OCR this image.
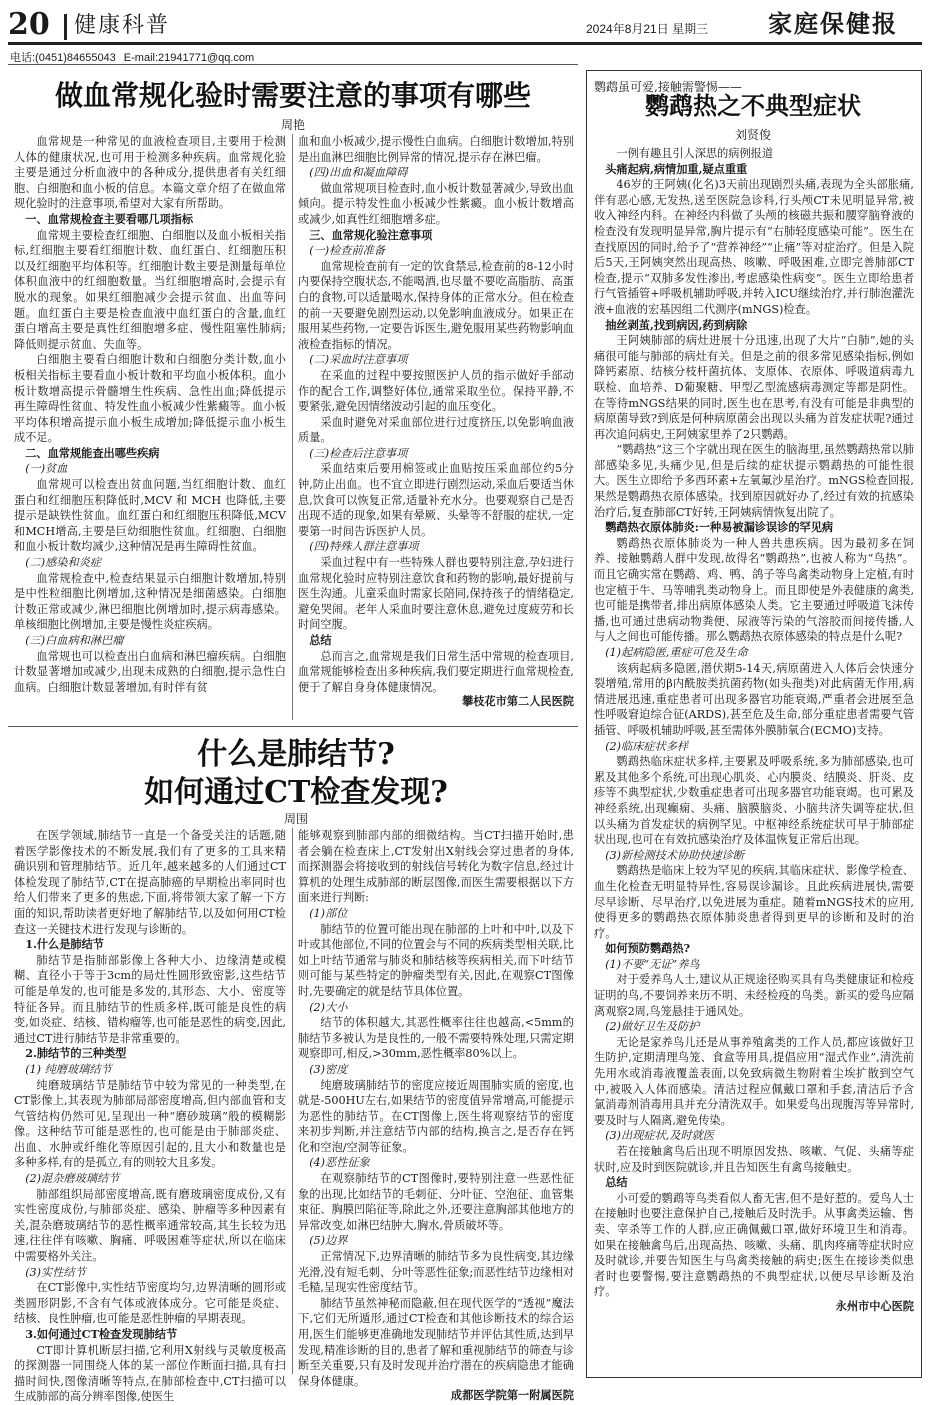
20 健康科普	2024年8月21日 星期三 家庭保健报
电话:(0451)84655043 E-mail:21941771@qq.com
做血常规化验时需要注意的事项有哪些
周艳

血常规是一种常见的血液检查项目,主要用于检测人体的健康状况,也可用于检测多种疾病。血常规化验主要是通过分析血液中的各种成分,提供患者有关红细胞、白细胞和血小板的信息。本篇文章介绍了在做血常规化验时的注意事项,希望对大家有所帮助。

一、血常规检查主要看哪几项指标

血常规主要检查红细胞、白细胞以及血小板相关指标,红细胞主要看红细胞计数、血红蛋白、红细胞压积以及红细胞平均体积等。红细胞计数主要是测量每单位体积血液中的红细胞数量。当红细胞增高时,会提示有脱水的现象。如果红细胞减少会提示贫血、出血等问题。血红蛋白主要是检查血液中血红蛋白的含量,血红蛋白增高主要是真性红细胞增多症、慢性阻塞性肺病;降低则提示贫血、失血等。

白细胞主要看白细胞计数和白细胞分类计数,血小板相关指标主要看血小板计数和平均血小板体积。血小板计数增高提示骨髓增生性疾病、急性出血;降低提示再生障碍性贫血、特发性血小板减少性紫癜等。血小板平均体积增高提示血小板生成增加;降低提示血小板生成不足。

二、血常规能查出哪些疾病

(一)贫血

血常规可以检查出贫血问题,当红细胞计数、血红蛋白和红细胞压积降低时,MCV 和 MCH 也降低,主要提示是缺铁性贫血。血红蛋白和红细胞压积降低,MCV和MCH增高,主要是巨幼细胞性贫血。红细胞、白细胞和血小板计数均减少,这种情况是再生障碍性贫血。

(二)感染和炎症

血常规检查中,检查结果显示白细胞计数增加,特别是中性粒细胞比例增加,这种情况是细菌感染。白细胞计数正常或减少,淋巴细胞比例增加时,提示病毒感染。单核细胞比例增加,主要是慢性炎症疾病。

(三)白血病和淋巴瘤

血常规也可以检查出白血病和淋巴瘤疾病。白细胞计数显著增加或减少,出现未成熟的白细胞,提示急性白血病。白细胞计数显著增加,有时伴有贫

血和血小板减少,提示慢性白血病。白细胞计数增加,特别是出血淋巴细胞比例异常的情况,提示存在淋巴瘤。

(四)出血和凝血障碍

做血常规项目检查时,血小板计数显著减少,导致出血倾向。提示特发性血小板减少性紫癜。血小板计数增高或减少,如真性红细胞增多症。

三、血常规化验注意事项

(一)检查前准备

血常规检查前有一定的饮食禁忌,检查前的8-12小时内要保持空腹状态,不能喝酒,也尽量不要吃高脂肪、高蛋白的食物,可以适量喝水,保持身体的正常水分。但在检查的前一天要避免剧烈运动,以免影响血液成分。如果正在服用某些药物,一定要告诉医生,避免服用某些药物影响血液检查指标的情况。

(二)采血时注意事项

在采血的过程中要按照医护人员的指示做好手部动作的配合工作,调整好体位,通常采取坐位。保持平静,不要紧张,避免因情绪波动引起的血压变化。

采血时避免对采血部位进行过度挤压,以免影响血液质量。

(三)检查后注意事项

采血结束后要用棉签或止血贴按压采血部位约5分钟,防止出血。也不宜立即进行剧烈运动,采血后要适当休息,饮食可以恢复正常,适量补充水分。也要观察自己是否出现不适的现象,如果有晕厥、头晕等不舒服的症状,一定要第一时间告诉医护人员。

(四)特殊人群注意事项

采血过程中有一些特殊人群也要特别注意,孕妇进行血常规化验时应特别注意饮食和药物的影响,最好提前与医生沟通。儿童采血时需家长陪同,保持孩子的情绪稳定,避免哭闹。老年人采血时要注意休息,避免过度疲劳和长时间空腹。

总结

总而言之,血常规是我们日常生活中常规的检查项目,血常规能够检查出多种疾病,我们要定期进行血常规检查,便于了解自身身体健康情况。

攀枝花市第二人民医院

什么是肺结节?
如何通过CT检查发现?
周围

在医学领域,肺结节一直是一个备受关注的话题,随着医学影像技术的不断发展,我们有了更多的工具来精确识别和管理肺结节。近几年,越来越多的人们通过CT体检发现了肺结节,CT在提高肺癌的早期检出率同时也给人们带来了更多的焦虑,下面,将带领大家了解一下方面的知识,帮助读者更好地了解肺结节,以及如何用CT检查这一关键技术进行发现与诊断的。

1.什么是肺结节

肺结节是指肺部影像上各种大小、边缘清楚或模糊、直径小于等于3cm的局灶性圆形致密影,这些结节可能是单发的,也可能是多发的,其形态、大小、密度等特征各异。而且肺结节的性质多样,既可能是良性的病变,如炎症、结核、错构瘤等,也可能是恶性的病变,因此,通过CT进行肺结节是非常重要的。

2.肺结节的三种类型

(1) 纯磨玻璃结节

纯磨玻璃结节是肺结节中较为常见的一种类型,在CT影像上,其表现为肺部局部密度增高,但内部血管和支气管结构仍然可见,呈现出一种“磨砂玻璃”般的模糊影像。这种结节可能是恶性的,也可能是由于肺部炎症、出血、水肿或纤维化等原因引起的,且大小和数量也是多种多样,有的是孤立,有的则较大且多发。

(2)混杂磨玻璃结节

肺部组织局部密度增高,既有磨玻璃密度成份,又有实性密度成份,与肺部炎症、感染、肿瘤等多种因素有关,混杂磨玻璃结节的恶性概率通常较高,其生长较为迅速,往往伴有咳嗽、胸痛、呼吸困难等症状,所以在临床中需要格外关注。

(3)实性结节

在CT影像中,实性结节密度均匀,边界清晰的圆形或类圆形阴影,不含有气体或液体成分。它可能是炎症、结核、良性肿瘤,也可能是恶性肿瘤的早期表现。

3.如何通过CT检查发现肺结节

CT即计算机断层扫描,它利用X射线与灵敏度极高的探测器一同围绕人体的某一部位作断面扫描,具有扫描时间快,图像清晰等特点,在肺部检查中,CT扫描可以生成肺部的高分辨率图像,使医生

能够观察到肺部内部的细微结构。当CT扫描开始时,患者会躺在检查床上,CT发射出X射线会穿过患者的身体,而探测器会将接收到的射线信号转化为数字信息,经过计算机的处理生成肺部的断层图像,而医生需要根据以下方面来进行判断:

(1)部位

肺结节的位置可能出现在肺部的上叶和中叶,以及下叶或其他部位,不同的位置会与不同的疾病类型相关联,比如上叶结节通常与肺炎和肺结核等疾病相关,而下叶结节则可能与某些特定的肿瘤类型有关,因此,在观察CT图像时,先要确定的就是结节具体位置。

(2)大小

结节的体积越大,其恶性概率往往也越高,<5mm的肺结节多被认为是良性的,一般不需要特殊处理,只需定期观察即可,相反,>30mm,恶性概率80%以上。

(3)密度

纯磨玻璃肺结节的密度应接近周围肺实质的密度,也就是-500HU左右,如果结节的密度值异常增高,可能提示为恶性的肺结节。在CT图像上,医生将观察结节的密度来初步判断,并注意结节内部的结构,换言之,是否存在钙化和空泡/空洞等征象。

(4)恶性征象

在观察肺结节的CT图像时,要特别注意一些恶性征象的出现,比如结节的毛刺征、分叶征、空泡征、血管集束征、胸膜凹陷征等,除此之外,还要注意胸部其他地方的异常改变,如淋巴结肿大,胸水,骨质破坏等。

(5)边界

正常情况下,边界清晰的肺结节多为良性病变,其边缘光滑,没有短毛刺、分叶等恶性征象;而恶性结节边缘相对毛糙,呈现实性密度结节。

肺结节虽然神秘而隐蔽,但在现代医学的“透视”魔法下,它们无所遁形,通过CT检查和其他诊断技术的综合运用,医生们能够更准确地发现肺结节并评估其性质,达到早发现,精准诊断的目的,患者了解和重视肺结节的筛查与诊断至关重要,只有及时发现并治疗潜在的疾病隐患才能确保身体健康。

成都医学院第一附属医院

鹦鹉虽可爱,接触需警惕——
鹦鹉热之不典型症状
刘贤俊

一例有趣且引人深思的病例报道

头痛起病,病情加重,疑点重重

46岁的王阿姨(化名)3天前出现剧烈头痛,表现为全头部胀痛,伴有恶心感,无发热,送至医院急诊科,行头颅CT未见明显异常,被收入神经内科。在神经内科做了头颅的核磁共振和腰穿脑脊液的检查没有发现明显异常,胸片提示有“右肺轻度感染可能”。医生在查找原因的同时,给予了“营养神经”“止痛”等对症治疗。但是入院后5天,王阿姨突然出现高热、咳嗽、呼吸困难,立即完善肺部CT检查,提示“双肺多发性渗出,考虑感染性病变”。医生立即给患者行气管插管+呼吸机辅助呼吸,并转入ICU继续治疗,并行肺泡灌洗液+血液的宏基因组二代测序(mNGS)检查。

抽丝剥茧,找到病因,药到病除

王阿姨肺部的病灶进展十分迅速,出现了大片“白肺”,她的头痛很可能与肺部的病灶有关。但是之前的很多常见感染指标,例如降钙素原、结核分枝杆菌抗体、支原体、衣原体、呼吸道病毒九联检、血培养、D葡聚糖、甲型乙型流感病毒测定等都是阴性。在等待mNGS结果的同时,医生也在思考,有没有可能是非典型的病原菌导致?到底是何种病原菌会出现以头痛为首发症状呢?通过再次追问病史,王阿姨家里养了2只鹦鹉。

“鹦鹉热”这三个字就出现在医生的脑海里,虽然鹦鹉热常以肺部感染多见,头痛少见,但是后续的症状提示鹦鹉热的可能性很大。医生立即给予多西环素+左氧氟沙星治疗。mNGS检查回报,果然是鹦鹉热衣原体感染。找到原因就好办了,经过有效的抗感染治疗后,复查肺部CT好转,王阿姨病情恢复出院了。

鹦鹉热衣原体肺炎:一种易被漏诊误诊的罕见病

鹦鹉热衣原体肺炎为一种人兽共患疾病。因为最初多在饲养、接触鹦鹉人群中发现,故得名“鹦鹉热”,也被人称为“鸟热”。而且它确实常在鹦鹉、鸡、鸭、鸽子等鸟禽类动物身上定植,有时也定植于牛、马等哺乳类动物身上。而且即使是外表健康的禽类,也可能是携带者,排出病原体感染人类。它主要通过呼吸道飞沫传播,也可通过患病动物粪便、尿液等污染的气溶胶而间接传播,人与人之间也可能传播。那么鹦鹉热衣原体感染的特点是什么呢?

(1)起病隐匿,重症可危及生命

该病起病多隐匿,潜伏期5-14天,病原菌进入人体后会快速分裂增殖,常用的β内酰胺类抗菌药物(如头孢类)对此病菌无作用,病情进展迅速,重症患者可出现多器官功能衰竭,严重者会进展至急性呼吸窘迫综合征(ARDS),甚至危及生命,部分重症患者需要气管插管、呼吸机辅助呼吸,甚至需体外膜肺氧合(ECMO)支持。

(2)临床症状多样

鹦鹉热临床症状多样,主要累及呼吸系统,多为肺部感染,也可累及其他多个系统,可出现心肌炎、心内膜炎、结膜炎、肝炎、皮疹等不典型症状,少数重症患者可出现多器官功能衰竭。也可累及神经系统,出现癫痫、头痛、脑膜脑炎、小脑共济失调等症状,但以头痛为首发症状的病例罕见。中枢神经系统症状可早于肺部症状出现,也可在有效抗感染治疗及体温恢复正常后出现。

(3)新检测技术协助快速诊断

鹦鹉热是临床上较为罕见的疾病,其临床症状、影像学检查、血生化检查无明显特异性,容易误诊漏诊。且此疾病进展快,需要尽早诊断、尽早治疗,以免进展为重症。随着mNGS技术的应用,使得更多的鹦鹉热衣原体肺炎患者得到更早的诊断和及时的治疗。

如何预防鹦鹉热?

(1)不要“无证”养鸟

对于爱养鸟人士,建议从正规途径购买具有鸟类健康证和检疫证明的鸟,不要饲养来历不明、未经检疫的鸟类。新买的爱鸟应隔离观察2周,鸟笼悬挂于通风处。

(2)做好卫生及防护

无论是家养鸟儿还是从事养殖禽类的工作人员,都应该做好卫生防护,定期清理鸟笼、食盒等用具,提倡应用“湿式作业”,清洗前先用水或消毒液覆盖表面,以免致病微生物附着尘埃扩散到空气中,被吸入人体而感染。清洁过程应佩戴口罩和手套,清洁后予含氯消毒剂消毒用具并充分清洗双手。如果爱鸟出现腹泻等异常时,要及时与人隔离,避免传染。

(3)出现症状,及时就医

若在接触禽鸟后出现不明原因发热、咳嗽、气促、头痛等症状时,应及时到医院就诊,并且告知医生有禽鸟接触史。

总结

小可爱的鹦鹉等鸟类看似人畜无害,但不是好惹的。爱鸟人士在接触时也要注意保护自己,接触后及时洗手。从事禽类运输、售卖、宰杀等工作的人群,应正确佩戴口罩,做好环境卫生和消毒。如果在接触禽鸟后,出现高热、咳嗽、头痛、肌肉疼痛等症状时应及时就诊,并要告知医生与鸟禽类接触的病史;医生在接诊类似患者时也要警惕,要注意鹦鹉热的不典型症状,以便尽早诊断及治疗。

永州市中心医院
